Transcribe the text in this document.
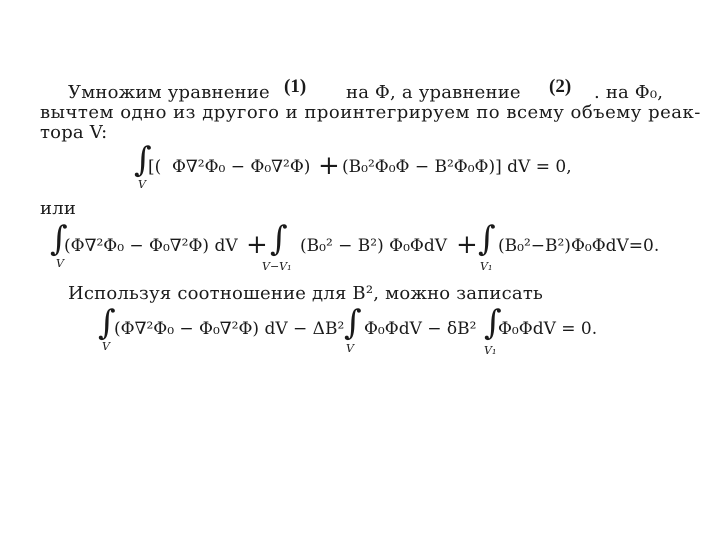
Умножим уравнение (1) на Φ, а уравнение (2) . на Φ₀,
вычтем одно из другого и проинтегрируем по всему объему реак-
тора V:
∫
V
[( Φ∇²Φ₀ − Φ₀∇²Φ) + (B₀²Φ₀Φ − B²Φ₀Φ)] dV = 0,
или
∫
V
(Φ∇²Φ₀ − Φ₀∇²Φ) dV + ∫
V−V₁
(B₀² − B²) Φ₀ΦdV + ∫
V₁
(B₀²−B²)Φ₀ΦdV=0.
Используя соотношение для B², можно записать
∫
V
(Φ∇²Φ₀ − Φ₀∇²Φ) dV − ΔB² ∫
V
Φ₀ΦdV − δB² ∫
V₁
Φ₀ΦdV = 0.
